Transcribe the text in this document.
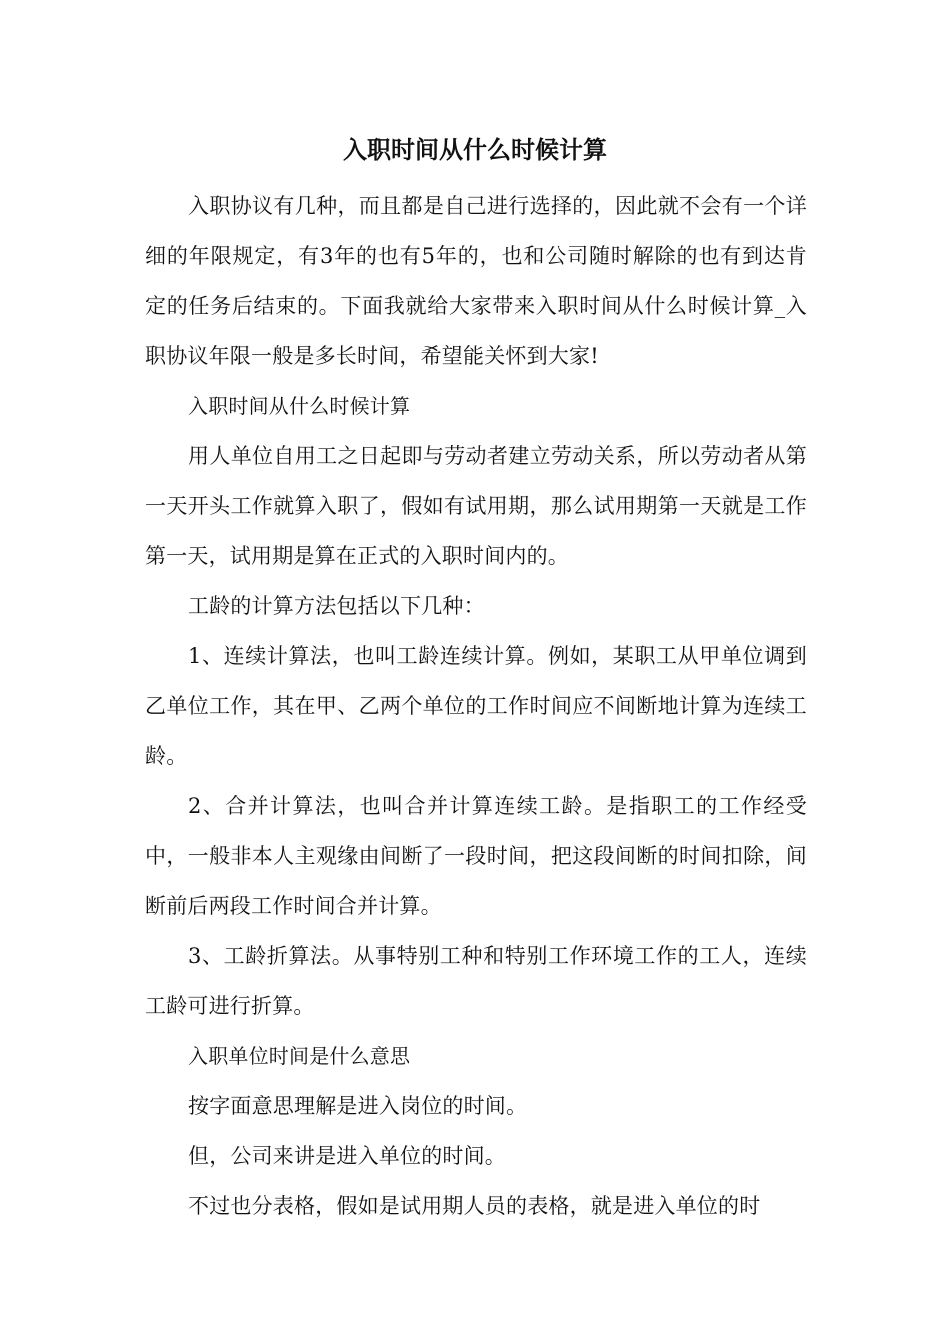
入职时间从什么时候计算

入职协议有几种，而且都是自己进行选择的，因此就不会有一个详细的年限规定，有3年的也有5年的，也和公司随时解除的也有到达肯定的任务后结束的。下面我就给大家带来入职时间从什么时候计算_入职协议年限一般是多长时间，希望能关怀到大家!

入职时间从什么时候计算

用人单位自用工之日起即与劳动者建立劳动关系，所以劳动者从第一天开头工作就算入职了，假如有试用期，那么试用期第一天就是工作第一天，试用期是算在正式的入职时间内的。

工龄的计算方法包括以下几种：

1、连续计算法，也叫工龄连续计算。例如，某职工从甲单位调到乙单位工作，其在甲、乙两个单位的工作时间应不间断地计算为连续工龄。

2、合并计算法，也叫合并计算连续工龄。是指职工的工作经受中，一般非本人主观缘由间断了一段时间，把这段间断的时间扣除，间断前后两段工作时间合并计算。

3、工龄折算法。从事特别工种和特别工作环境工作的工人，连续工龄可进行折算。

入职单位时间是什么意思

按字面意思理解是进入岗位的时间。

但，公司来讲是进入单位的时间。

不过也分表格，假如是试用期人员的表格，就是进入单位的时
